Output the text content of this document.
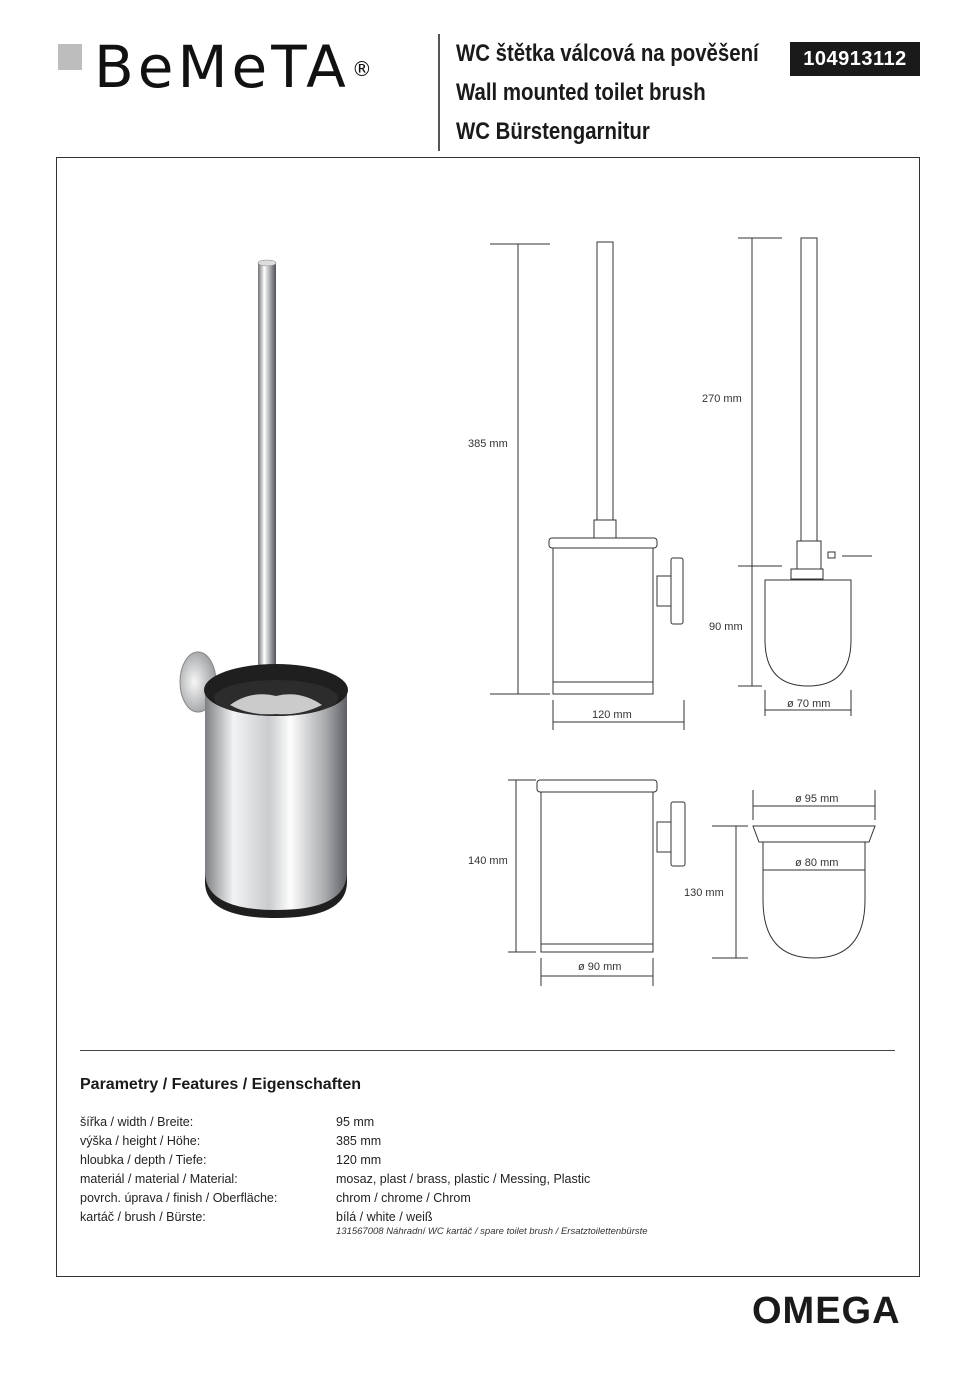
BeMeTA ®
WC štětka válcová na pověšení
Wall mounted toilet brush
WC Bürstengarnitur
104913112
385 mm
120 mm
270 mm
90 mm
ø 70 mm
140 mm
ø 90 mm
ø 95 mm
ø 80 mm
130 mm
Parametry / Features / Eigenschaften
šířka / width / Breite:	95 mm
výška / height / Höhe:	385 mm
hloubka / depth / Tiefe:	120 mm
materiál / material / Material:	mosaz, plast / brass, plastic / Messing, Plastic
povrch. úprava / finish / Oberfläche:	chrom / chrome / Chrom
kartáč / brush / Bürste:	bílá / white / weiß
131567008 Náhradní WC kartáč / spare toilet brush / Ersatztoilettenbürste
OMEGA
